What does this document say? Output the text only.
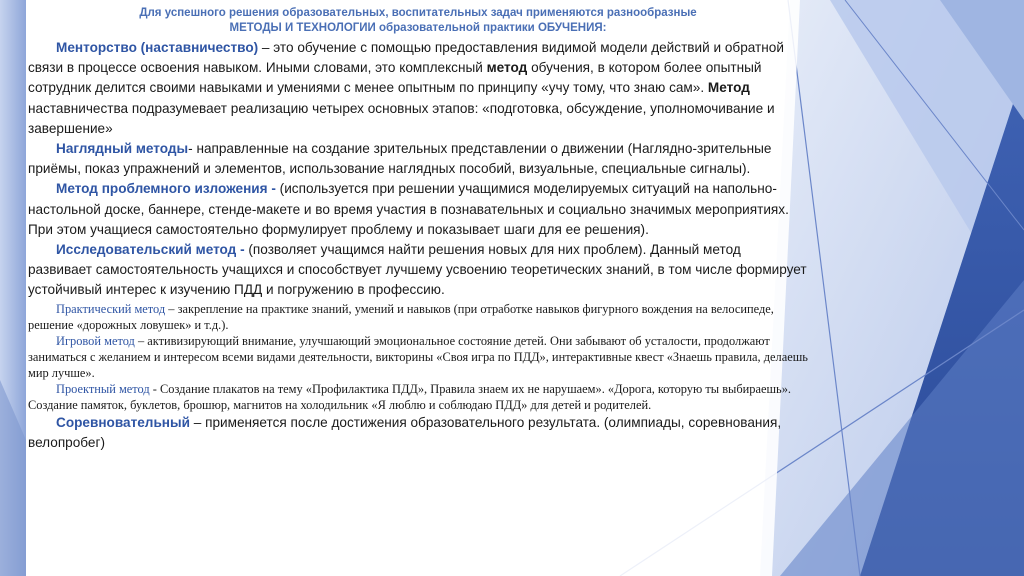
Для успешного решения образовательных, воспитательных задач применяются разнообразные
МЕТОДЫ И ТЕХНОЛОГИИ образовательной практики ОБУЧЕНИЯ:

Менторство (наставничество) – это обучение с помощью предоставления видимой модели действий и обратной связи в процессе освоения навыком. Иными словами, это комплексный метод обучения, в котором более опытный сотрудник делится своими навыками и умениями с менее опытным по принципу «учу тому, что знаю сам». Метод наставничества подразумевает реализацию четырех основных этапов: «подготовка, обсуждение, уполномочивание и завершение»

Наглядный методы- направленные на создание зрительных представлении о движении (Наглядно-зрительные приёмы, показ упражнений и элементов, использование наглядных пособий, визуальные, специальные сигналы).

Метод проблемного изложения - (используется при решении учащимися моделируемых ситуаций на напольно-настольной доске, баннере, стенде-макете и во время участия в познавательных и социально значимых мероприятиях. При этом учащиеся самостоятельно формулирует проблему и показывает шаги для ее решения).

Исследовательский метод - (позволяет учащимся найти решения новых для них проблем). Данный метод развивает самостоятельность учащихся и способствует лучшему усвоению теоретических знаний, в том числе формирует устойчивый интерес к изучению ПДД и погружению в профессию.

Практический метод – закрепление на практике знаний, умений и навыков (при отработке навыков фигурного вождения на велосипеде, решение «дорожных ловушек» и т.д.).

Игровой метод – активизирующий внимание, улучшающий эмоциональное состояние детей. Они забывают об усталости, продолжают заниматься с желанием и интересом всеми видами деятельности, викторины «Своя игра по ПДД», интерактивные квест «Знаешь правила, делаешь мир лучше».

Проектный метод - Создание плакатов на тему «Профилактика ПДД», Правила знаем их не нарушаем». «Дорога, которую ты выбираешь». Создание памяток, буклетов, брошюр, магнитов на холодильник «Я люблю и соблюдаю ПДД» для детей и родителей.

Соревновательный – применяется после достижения образовательного результата. (олимпиады, соревнования, велопробег)
